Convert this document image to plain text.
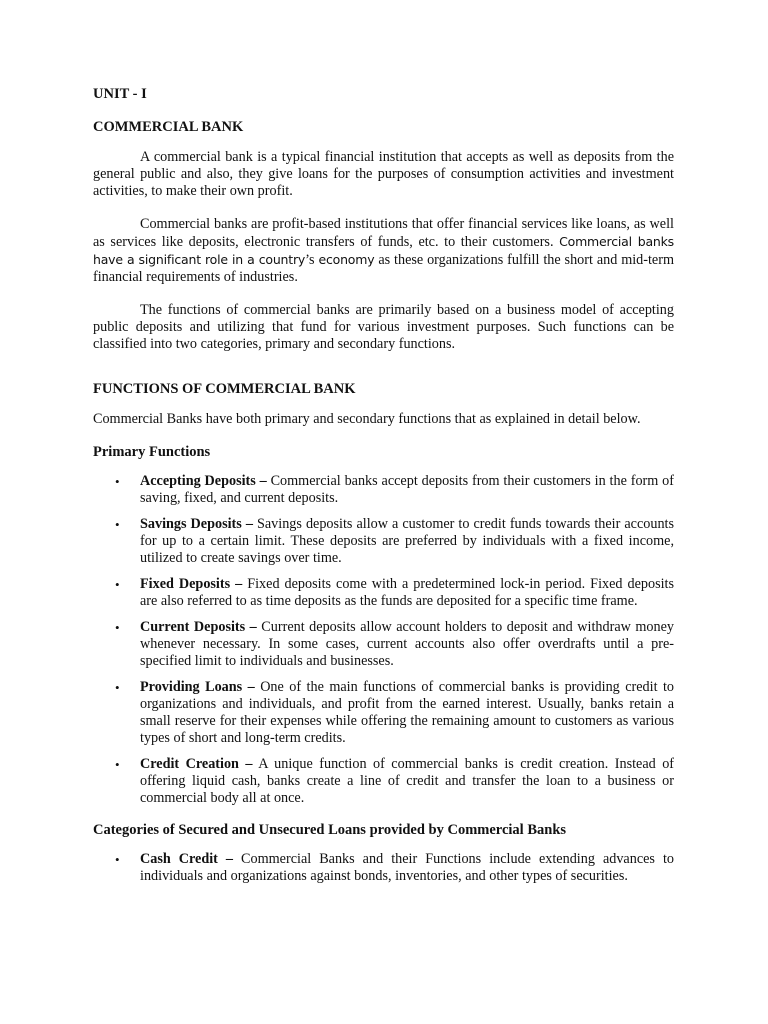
UNIT - I
COMMERCIAL BANK

A commercial bank is a typical financial institution that accepts as well as deposits from the general public and also, they give loans for the purposes of consumption activities and investment activities, to make their own profit.

Commercial banks are profit-based institutions that offer financial services like loans, as well as services like deposits, electronic transfers of funds, etc. to their customers. Commercial banks have a significant role in a country’s economy as these organizations fulfill the short and mid-term financial requirements of industries.

The functions of commercial banks are primarily based on a business model of accepting public deposits and utilizing that fund for various investment purposes. Such functions can be classified into two categories, primary and secondary functions.

FUNCTIONS OF COMMERCIAL BANK

Commercial Banks have both primary and secondary functions that as explained in detail below.

Primary Functions
• Accepting Deposits – Commercial banks accept deposits from their customers in the form of saving, fixed, and current deposits.
• Savings Deposits – Savings deposits allow a customer to credit funds towards their accounts for up to a certain limit. These deposits are preferred by individuals with a fixed income, utilized to create savings over time.
• Fixed Deposits – Fixed deposits come with a predetermined lock-in period. Fixed deposits are also referred to as time deposits as the funds are deposited for a specific time frame.
• Current Deposits – Current deposits allow account holders to deposit and withdraw money whenever necessary. In some cases, current accounts also offer overdrafts until a pre-specified limit to individuals and businesses.
• Providing Loans – One of the main functions of commercial banks is providing credit to organizations and individuals, and profit from the earned interest. Usually, banks retain a small reserve for their expenses while offering the remaining amount to customers as various types of short and long-term credits.
• Credit Creation – A unique function of commercial banks is credit creation. Instead of offering liquid cash, banks create a line of credit and transfer the loan to a business or commercial body all at once.
Categories of Secured and Unsecured Loans provided by Commercial Banks
• Cash Credit – Commercial Banks and their Functions include extending advances to individuals and organizations against bonds, inventories, and other types of securities.
